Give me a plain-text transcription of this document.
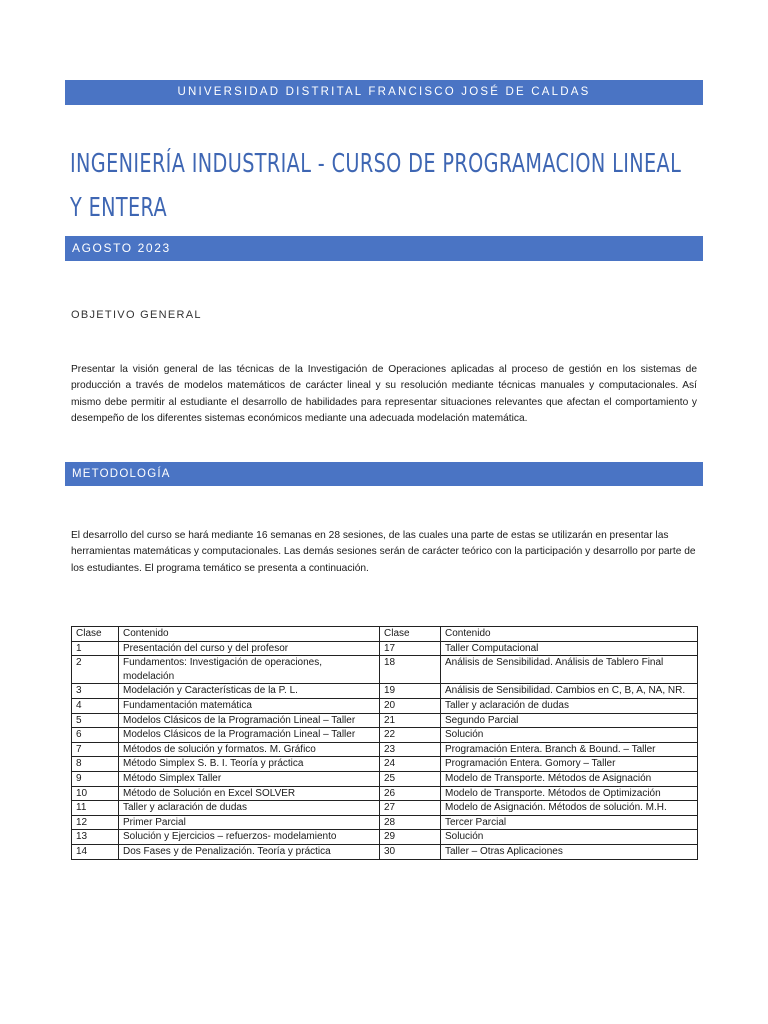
UNIVERSIDAD DISTRITAL FRANCISCO JOSÉ DE CALDAS
INGENIERÍA INDUSTRIAL - CURSO DE PROGRAMACION LINEAL
Y ENTERA
AGOSTO 2023
OBJETIVO GENERAL
Presentar la visión general de las técnicas de la Investigación de Operaciones aplicadas al proceso de gestión en los sistemas de producción a través de modelos matemáticos de carácter lineal y su resolución mediante técnicas manuales y computacionales. Así mismo debe permitir al estudiante el desarrollo de habilidades para representar situaciones relevantes que afectan el comportamiento y desempeño de los diferentes sistemas económicos mediante una adecuada modelación matemática.
METODOLOGÍA
El desarrollo del curso se hará mediante 16 semanas en 28 sesiones, de las cuales una parte de estas se utilizarán en presentar las herramientas matemáticas y computacionales. Las demás sesiones serán de carácter teórico con la participación y desarrollo por parte de los estudiantes. El programa temático se presenta a continuación.
Clase	Contenido	Clase	Contenido
1	Presentación del curso y del profesor	17	Taller Computacional
2	Fundamentos: Investigación de operaciones, modelación	18	Análisis de Sensibilidad. Análisis de Tablero Final
3	Modelación y Características de la P. L.	19	Análisis de Sensibilidad. Cambios en C, B, A, NA, NR.
4	Fundamentación matemática	20	Taller y aclaración de dudas
5	Modelos Clásicos de la Programación Lineal – Taller	21	Segundo Parcial
6	Modelos Clásicos de la Programación Lineal – Taller	22	Solución
7	Métodos de solución y formatos. M. Gráfico	23	Programación Entera. Branch & Bound. – Taller
8	Método Simplex S. B. I. Teoría y práctica	24	Programación Entera. Gomory – Taller
9	Método Simplex Taller	25	Modelo de Transporte. Métodos de Asignación
10	Método de Solución en Excel SOLVER	26	Modelo de Transporte. Métodos de Optimización
11	Taller y aclaración de dudas	27	Modelo de Asignación. Métodos de solución. M.H.
12	Primer Parcial	28	Tercer Parcial
13	Solución y Ejercicios – refuerzos- modelamiento	29	Solución
14	Dos Fases y de Penalización. Teoría y práctica	30	Taller – Otras Aplicaciones
